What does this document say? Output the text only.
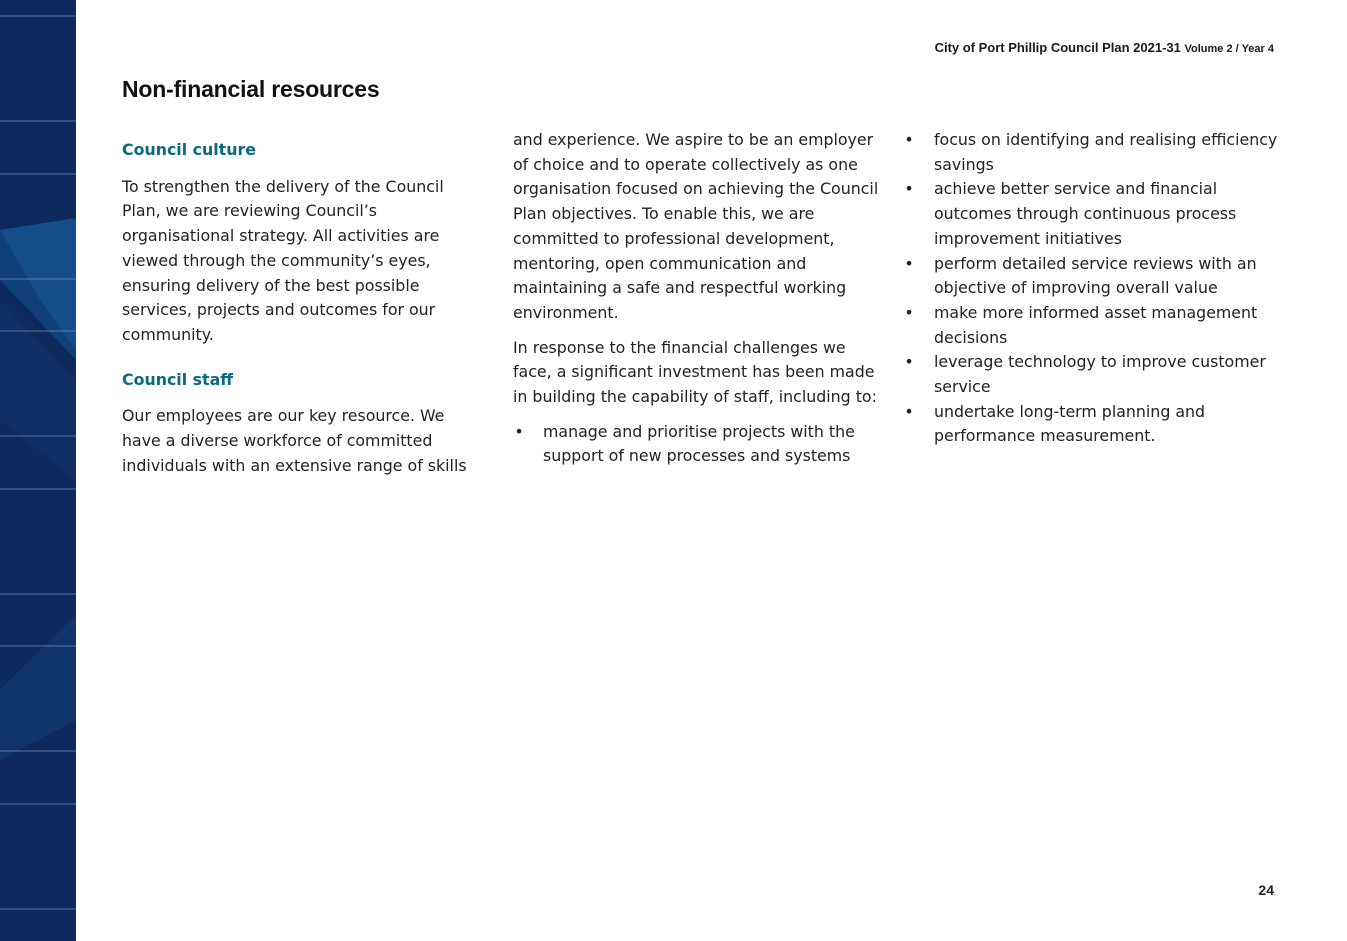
City of Port Phillip Council Plan 2021-31 Volume 2 / Year 4
Non-financial resources
Council culture

To strengthen the delivery of the Council Plan, we are reviewing Council’s organisational strategy. All activities are viewed through the community’s eyes, ensuring delivery of the best possible services, projects and outcomes for our community.

Council staff

Our employees are our key resource. We have a diverse workforce of committed individuals with an extensive range of skills

and experience. We aspire to be an employer of choice and to operate collectively as one organisation focused on achieving the Council Plan objectives. To enable this, we are committed to professional development, mentoring, open communication and maintaining a safe and respectful working environment.

In response to the financial challenges we face, a significant investment has been made in building the capability of staff, including to:

• manage and prioritise projects with the support of new processes and systems
• focus on identifying and realising efficiency savings
• achieve better service and financial outcomes through continuous process improvement initiatives
• perform detailed service reviews with an objective of improving overall value
• make more informed asset management decisions
• leverage technology to improve customer service
• undertake long-term planning and performance measurement.
24
